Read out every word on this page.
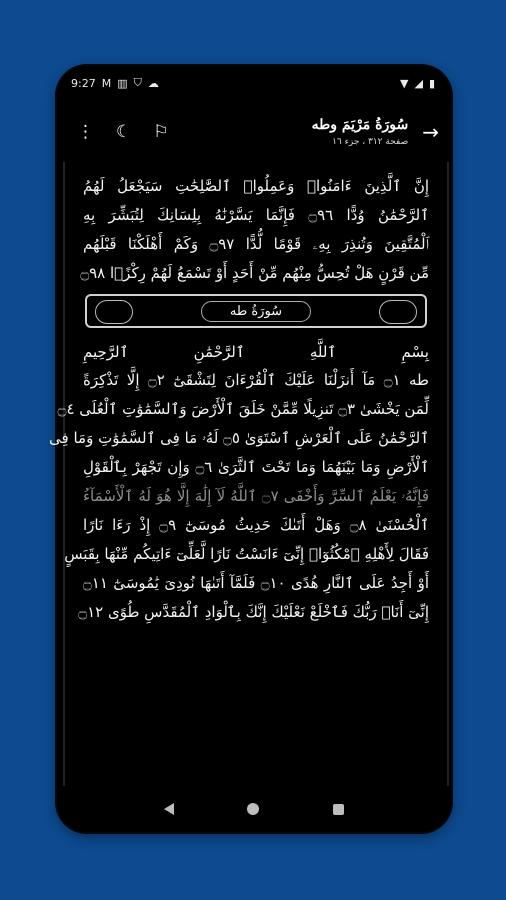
9:27 M ▥ ⛉ ☁	▼ ◢ ▮
⋮ ☾ ⚐	→
سُورَةُ مَرْيَمَ وطه
صفحة ٣١٢ ، جزء ١٦
إِنَّ ٱلَّذِينَ ءَامَنُوا۟ وَعَمِلُوا۟ ٱلصَّٰلِحَٰتِ سَيَجْعَلُ لَهُمُ
ٱلرَّحْمَٰنُ وُدًّا ۝٩٦ فَإِنَّمَا يَسَّرْنَٰهُ بِلِسَانِكَ لِتُبَشِّرَ بِهِ
ٱلْمُتَّقِينَ وَتُنذِرَ بِهِۦ قَوْمًا لُّدًّا ۝٩٧ وَكَمْ أَهْلَكْنَا قَبْلَهُم
مِّن قَرْنٍ هَلْ تُحِسُّ مِنْهُم مِّنْ أَحَدٍ أَوْ تَسْمَعُ لَهُمْ رِكْزًۢا ۝٩٨
سُورَةُ طه
بِسْمِ ٱللَّهِ ٱلرَّحْمَٰنِ ٱلرَّحِيمِ
طه ۝١ مَآ أَنزَلْنَا عَلَيْكَ ٱلْقُرْءَانَ لِتَشْقَىٰٓ ۝٢ إِلَّا تَذْكِرَةً
لِّمَن يَخْشَىٰ ۝٣ تَنزِيلًا مِّمَّنْ خَلَقَ ٱلْأَرْضَ وَٱلسَّمَٰوَٰتِ ٱلْعُلَى ۝٤
ٱلرَّحْمَٰنُ عَلَى ٱلْعَرْشِ ٱسْتَوَىٰ ۝٥ لَهُۥ مَا فِى ٱلسَّمَٰوَٰتِ وَمَا فِى
ٱلْأَرْضِ وَمَا بَيْنَهُمَا وَمَا تَحْتَ ٱلثَّرَىٰ ۝٦ وَإِن تَجْهَرْ بِٱلْقَوْلِ
فَإِنَّهُۥ يَعْلَمُ ٱلسِّرَّ وَأَخْفَى ۝٧ ٱللَّهُ لَآ إِلَٰهَ إِلَّا هُوَ لَهُ ٱلْأَسْمَآءُ
ٱلْحُسْنَىٰ ۝٨ وَهَلْ أَتَىٰكَ حَدِيثُ مُوسَىٰٓ ۝٩ إِذْ رَءَا نَارًا
فَقَالَ لِأَهْلِهِ ٱمْكُثُوٓا۟ إِنِّىٓ ءَانَسْتُ نَارًا لَّعَلِّىٓ ءَاتِيكُم مِّنْهَا بِقَبَسٍ
أَوْ أَجِدُ عَلَى ٱلنَّارِ هُدًى ۝١٠ فَلَمَّآ أَتَىٰهَا نُودِىَ يَٰمُوسَىٰٓ ۝١١
إِنِّىٓ أَنَا۠ رَبُّكَ فَٱخْلَعْ نَعْلَيْكَ إِنَّكَ بِٱلْوَادِ ٱلْمُقَدَّسِ طُوًى ۝١٢
